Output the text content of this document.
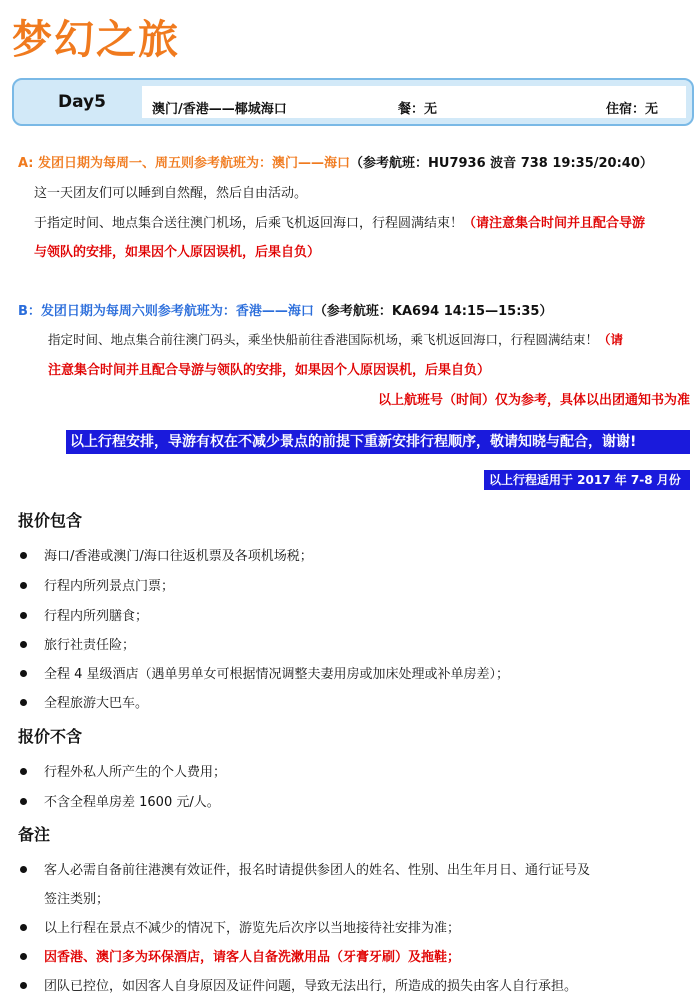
梦幻之旅
Day5	澳门/香港——椰城海口	餐：无	住宿：无
A: 发团日期为每周一、周五则参考航班为：澳门——海口（参考航班：HU7936 波音 738 19:35/20:40）
这一天团友们可以睡到自然醒，然后自由活动。
于指定时间、地点集合送往澳门机场，后乘飞机返回海口，行程圆满结束！（请注意集合时间并且配合导游
与领队的安排，如果因个人原因误机，后果自负）
B：发团日期为每周六则参考航班为：香港——海口（参考航班：KA694 14:15—15:35）
指定时间、地点集合前往澳门码头，乘坐快船前往香港国际机场，乘飞机返回海口，行程圆满结束！（请
注意集合时间并且配合导游与领队的安排，如果因个人原因误机，后果自负）
以上航班号（时间）仅为参考，具体以出团通知书为准
以上行程安排，导游有权在不减少景点的前提下重新安排行程顺序，敬请知晓与配合，谢谢!
以上行程适用于 2017 年 7-8 月份
报价包含
海口/香港或澳门/海口往返机票及各项机场税；
行程内所列景点门票；
行程内所列膳食；
旅行社责任险；
全程 4 星级酒店（遇单男单女可根据情况调整夫妻用房或加床处理或补单房差）；
全程旅游大巴车。
报价不含
行程外私人所产生的个人费用；
不含全程单房差 1600 元/人。
备注
客人必需自备前往港澳有效证件，报名时请提供参团人的姓名、性别、出生年月日、通行证号及
签注类别；
以上行程在景点不减少的情况下，游览先后次序以当地接待社安排为准；
因香港、澳门多为环保酒店，请客人自备洗漱用品（牙膏牙刷）及拖鞋；
团队已控位，如因客人自身原因及证件问题，导致无法出行，所造成的损失由客人自行承担。
